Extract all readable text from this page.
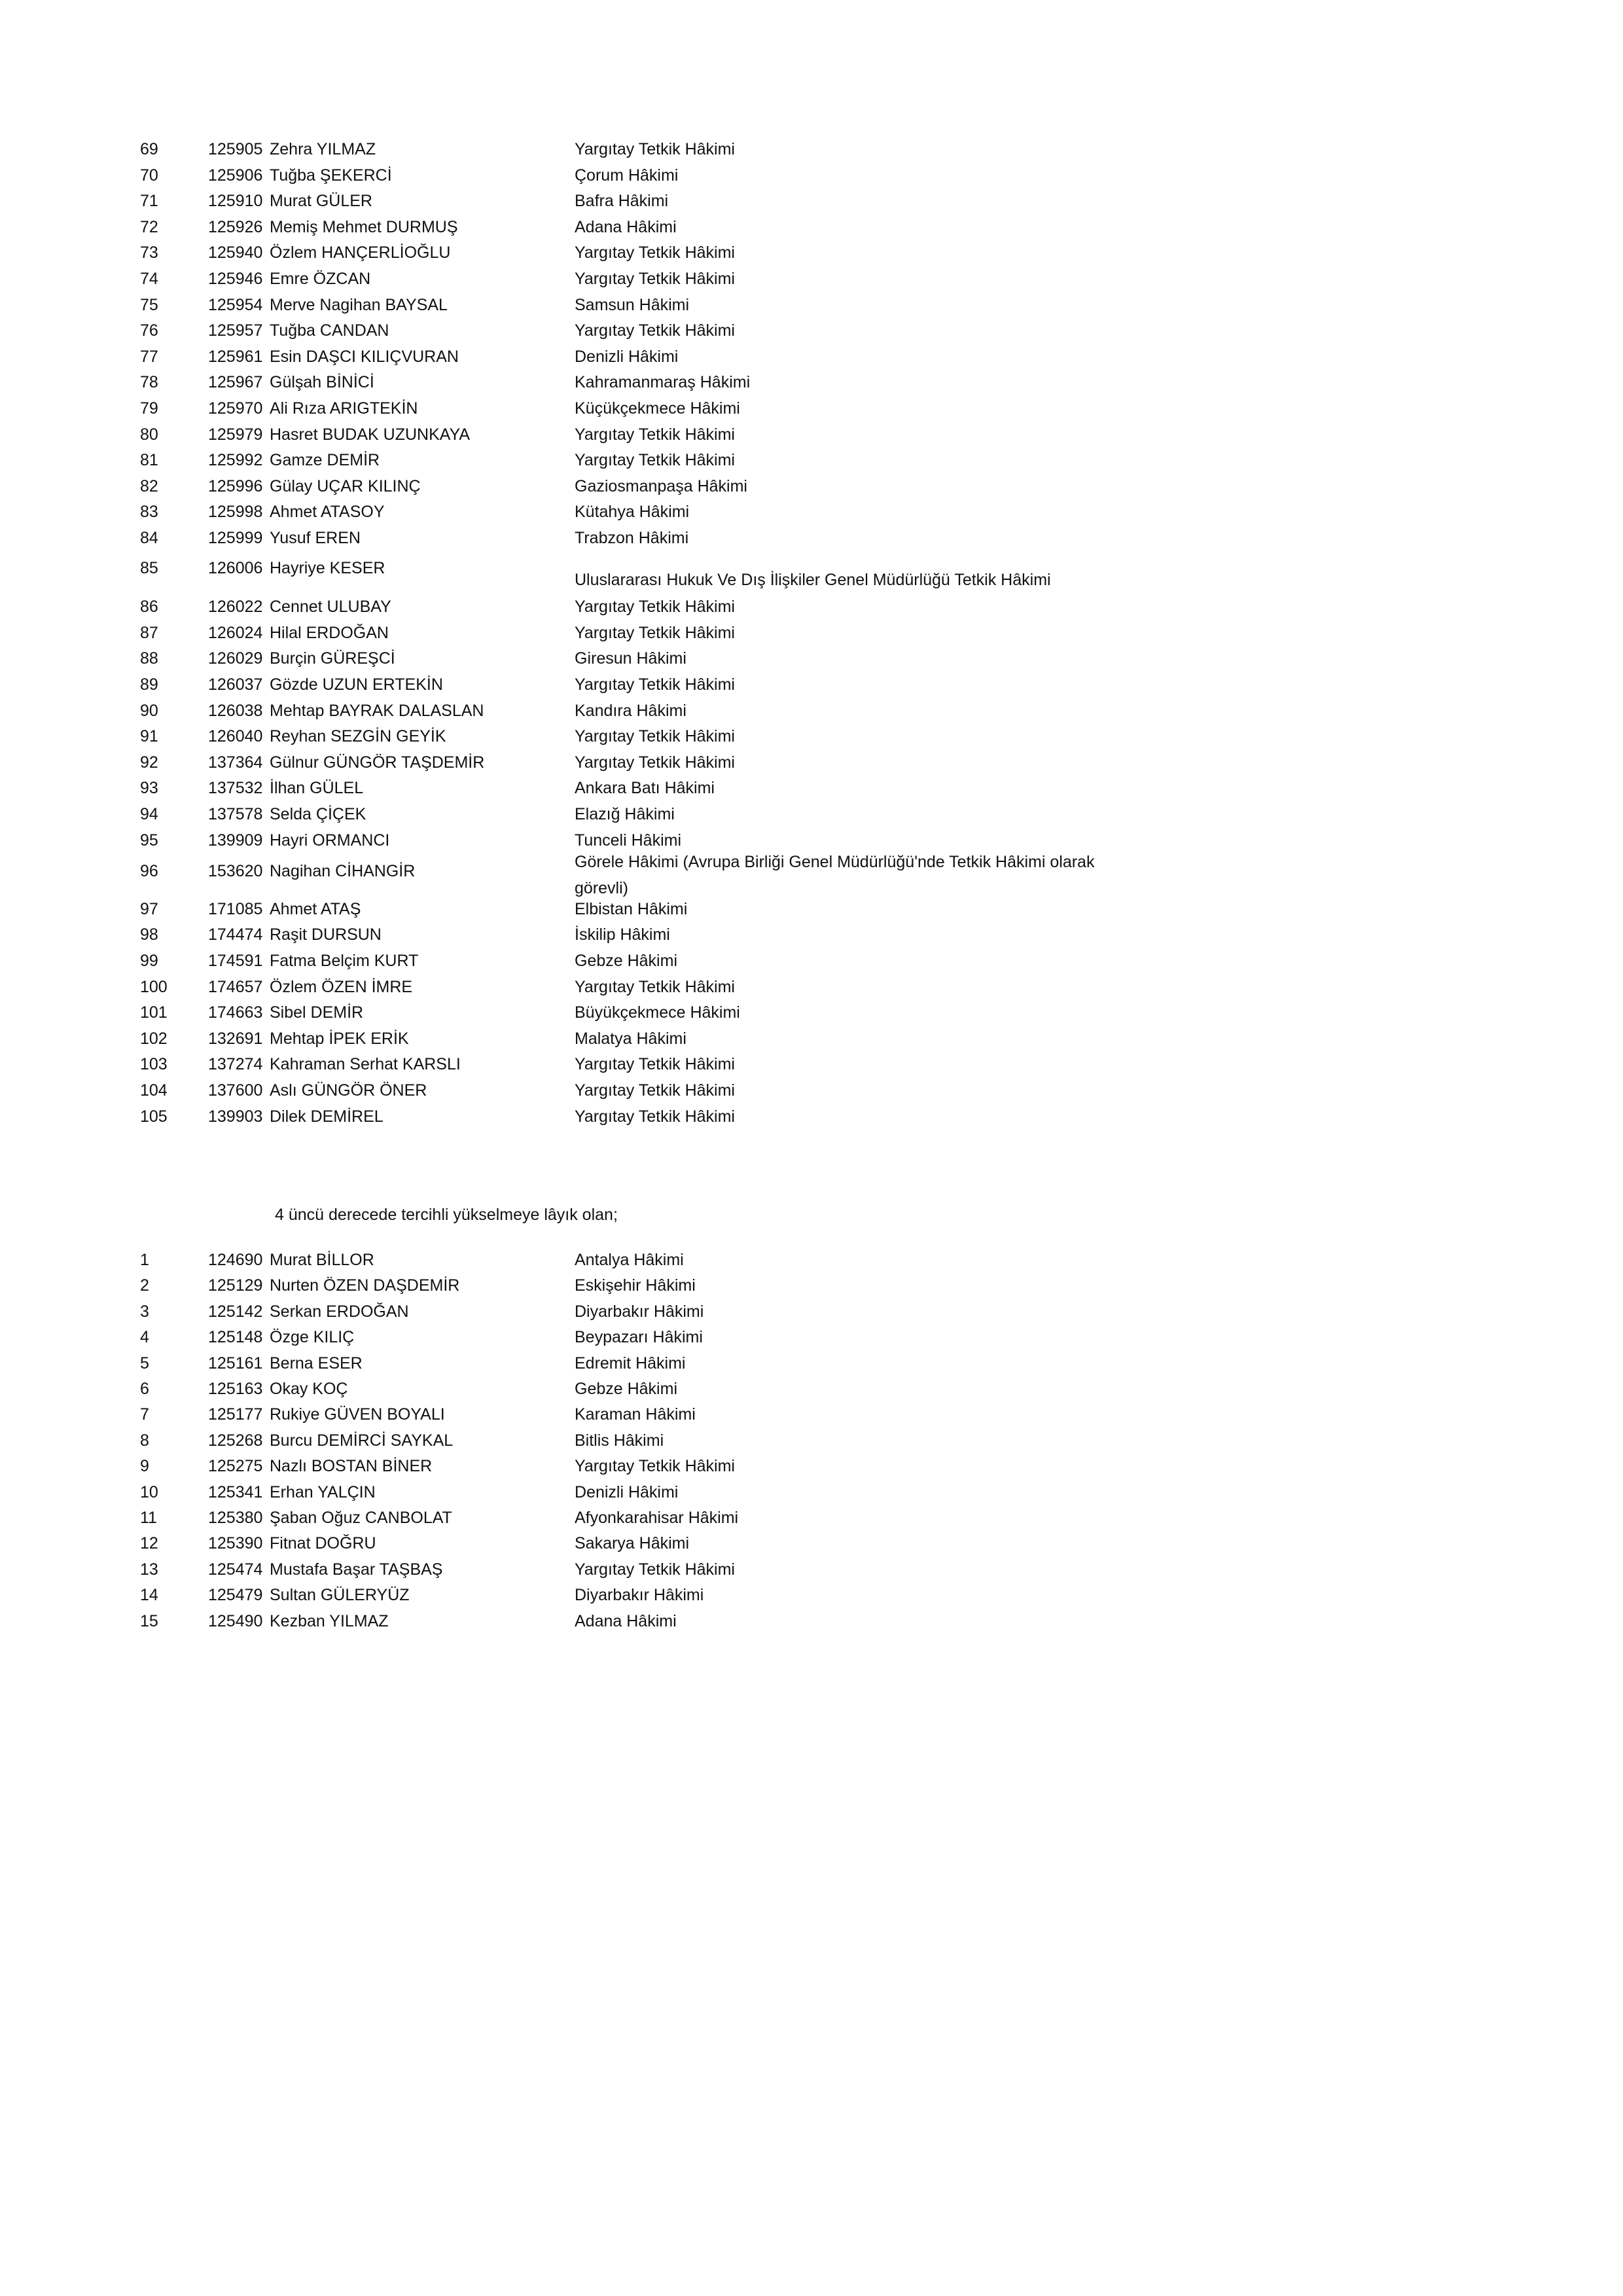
69	125905 Zehra YILMAZ	Yargıtay Tetkik Hâkimi
70	125906 Tuğba ŞEKERCİ	Çorum Hâkimi
71	125910 Murat GÜLER	Bafra Hâkimi
72	125926 Memiş Mehmet DURMUŞ	Adana Hâkimi
73	125940 Özlem HANÇERLİOĞLU	Yargıtay Tetkik Hâkimi
74	125946 Emre ÖZCAN	Yargıtay Tetkik Hâkimi
75	125954 Merve Nagihan BAYSAL	Samsun Hâkimi
76	125957 Tuğba CANDAN	Yargıtay Tetkik Hâkimi
77	125961 Esin DAŞCI KILIÇVURAN	Denizli Hâkimi
78	125967 Gülşah BİNİCİ	Kahramanmaraş Hâkimi
79	125970 Ali Rıza ARIGTEKİN	Küçükçekmece Hâkimi
80	125979 Hasret BUDAK UZUNKAYA	Yargıtay Tetkik Hâkimi
81	125992 Gamze DEMİR	Yargıtay Tetkik Hâkimi
82	125996 Gülay UÇAR KILINÇ	Gaziosmanpaşa Hâkimi
83	125998 Ahmet ATASOY	Kütahya Hâkimi
84	125999 Yusuf EREN	Trabzon Hâkimi
85	126006 Hayriye KESER
Uluslararası Hukuk Ve Dış İlişkiler Genel Müdürlüğü Tetkik Hâkimi
86	126022 Cennet ULUBAY	Yargıtay Tetkik Hâkimi
87	126024 Hilal ERDOĞAN	Yargıtay Tetkik Hâkimi
88	126029 Burçin GÜREŞCİ	Giresun Hâkimi
89	126037 Gözde UZUN ERTEKİN	Yargıtay Tetkik Hâkimi
90	126038 Mehtap BAYRAK DALASLAN	Kandıra Hâkimi
91	126040 Reyhan SEZGİN GEYİK	Yargıtay Tetkik Hâkimi
92	137364 Gülnur GÜNGÖR TAŞDEMİR	Yargıtay Tetkik Hâkimi
93	137532 İlhan GÜLEL	Ankara Batı Hâkimi
94	137578 Selda ÇİÇEK	Elazığ Hâkimi
95	139909 Hayri ORMANCI	Tunceli Hâkimi
96	153620 Nagihan CİHANGİR	Görele Hâkimi (Avrupa Birliği Genel Müdürlüğü'nde Tetkik Hâkimi olarak görevli)
97	171085 Ahmet ATAŞ	Elbistan Hâkimi
98	174474 Raşit DURSUN	İskilip Hâkimi
99	174591 Fatma Belçim KURT	Gebze Hâkimi
100	174657 Özlem ÖZEN İMRE	Yargıtay Tetkik Hâkimi
101	174663 Sibel DEMİR	Büyükçekmece Hâkimi
102	132691 Mehtap İPEK ERİK	Malatya Hâkimi
103	137274 Kahraman Serhat KARSLI	Yargıtay Tetkik Hâkimi
104	137600 Aslı GÜNGÖR ÖNER	Yargıtay Tetkik Hâkimi
105	139903 Dilek DEMİREL	Yargıtay Tetkik Hâkimi
4 üncü derecede tercihli yükselmeye lâyık olan;
1	124690 Murat BİLLOR	Antalya Hâkimi
2	125129 Nurten ÖZEN DAŞDEMİR	Eskişehir Hâkimi
3	125142 Serkan ERDOĞAN	Diyarbakır Hâkimi
4	125148 Özge KILIÇ	Beypazarı Hâkimi
5	125161 Berna ESER	Edremit Hâkimi
6	125163 Okay KOÇ	Gebze Hâkimi
7	125177 Rukiye GÜVEN BOYALI	Karaman Hâkimi
8	125268 Burcu DEMİRCİ SAYKAL	Bitlis Hâkimi
9	125275 Nazlı BOSTAN BİNER	Yargıtay Tetkik Hâkimi
10	125341 Erhan YALÇIN	Denizli Hâkimi
11	125380 Şaban Oğuz CANBOLAT	Afyonkarahisar Hâkimi
12	125390 Fitnat DOĞRU	Sakarya Hâkimi
13	125474 Mustafa Başar TAŞBAŞ	Yargıtay Tetkik Hâkimi
14	125479 Sultan GÜLERYÜZ	Diyarbakır Hâkimi
15	125490 Kezban YILMAZ	Adana Hâkimi
